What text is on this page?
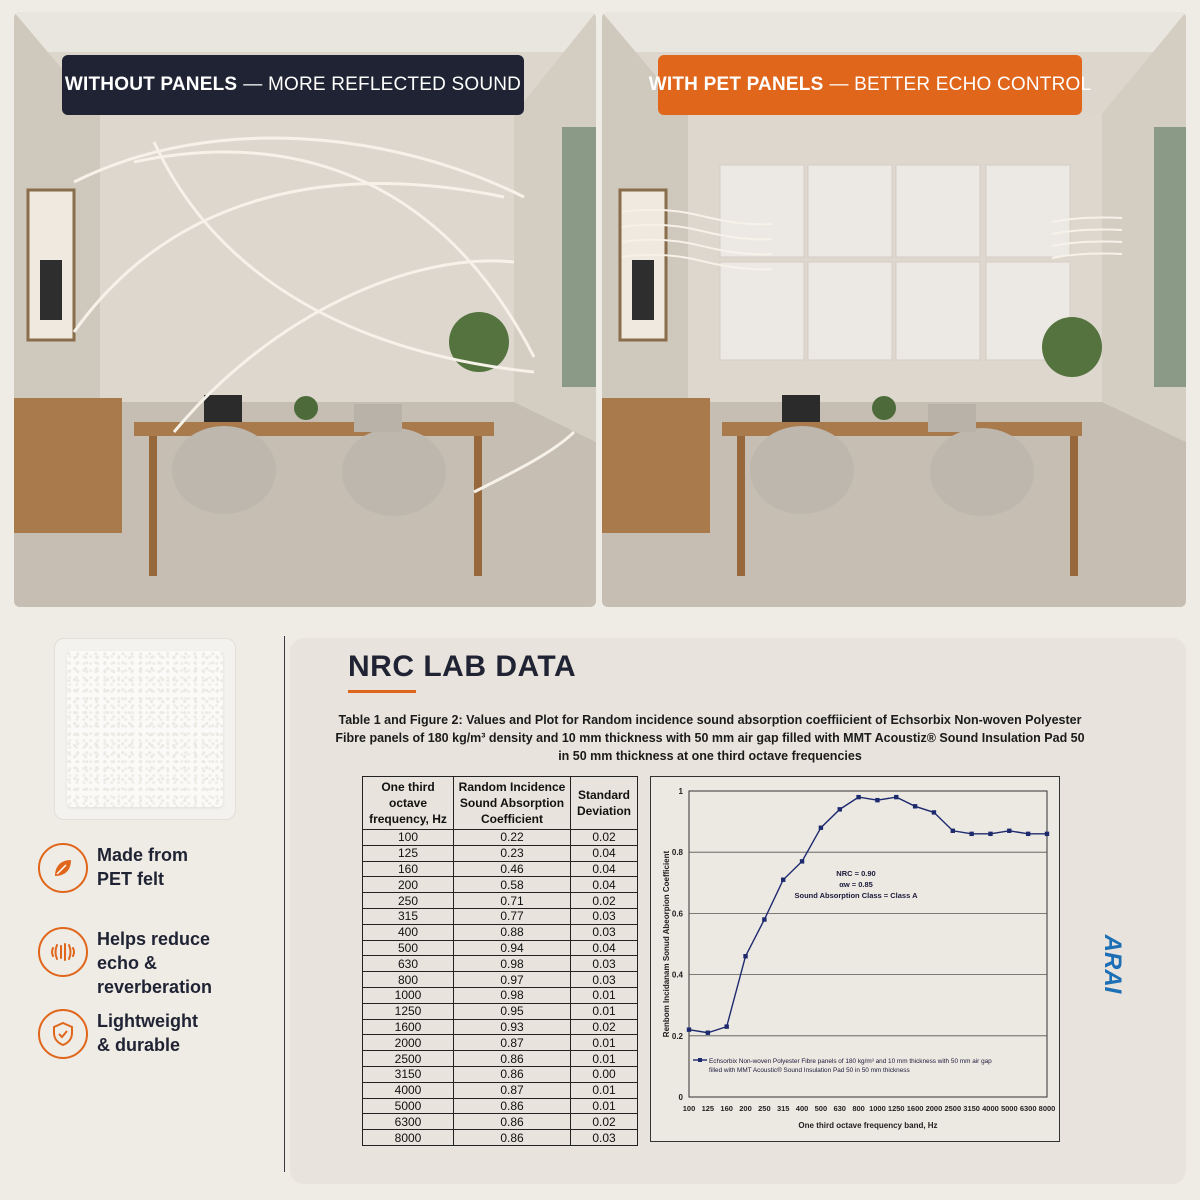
WITHOUT PANELS — MORE REFLECTED SOUND	WITH PET PANELS — BETTER ECHO CONTROL
Made from
PET felt
Helps reduce
echo & reverberation
Lightweight
& durable
NRC LAB DATA
Table 1 and Figure 2: Values and Plot for Random incidence sound absorption coeffiicient of Echsorbix Non-woven Polyester Fibre panels of 180 kg/m³ density and 10 mm thickness with 50 mm air gap filled with MMT Acoustiz® Sound Insulation Pad 50 in 50 mm thickness at one third octave frequencies
One third octave frequency, Hz	Random Incidence Sound Absorption Coefficient	Standard Deviation
100	0.22	0.02
125	0.23	0.04
160	0.46	0.04
200	0.58	0.04
250	0.71	0.02
315	0.77	0.03
400	0.88	0.03
500	0.94	0.04
630	0.98	0.03
800	0.97	0.03
1000	0.98	0.01
1250	0.95	0.01
1600	0.93	0.02
2000	0.87	0.01
2500	0.86	0.01
3150	0.86	0.00
4000	0.87	0.01
5000	0.86	0.01
6300	0.86	0.02
8000	0.86	0.03
0
0.2
0.4
0.6
0.8
1
100 125 160 200 250 315 400 500 630 800 1000 1250 1600 2000 2500 3150 4000 5000 6300 8000
One third octave frequency band, Hz
Renbom Incidanam Sonud Abeorpion Coefficient	NRC = 0.90
αw = 0.85
Sound Absorption Class = Class A
Echsorbix Non-woven Polyester Fibre panels of 180 kg/m³ and 10 mm thickness with 50 mm air gap filled with MMT Acoustic® Sound Insulation Pad 50 in 50 mm thickness
ARAI
